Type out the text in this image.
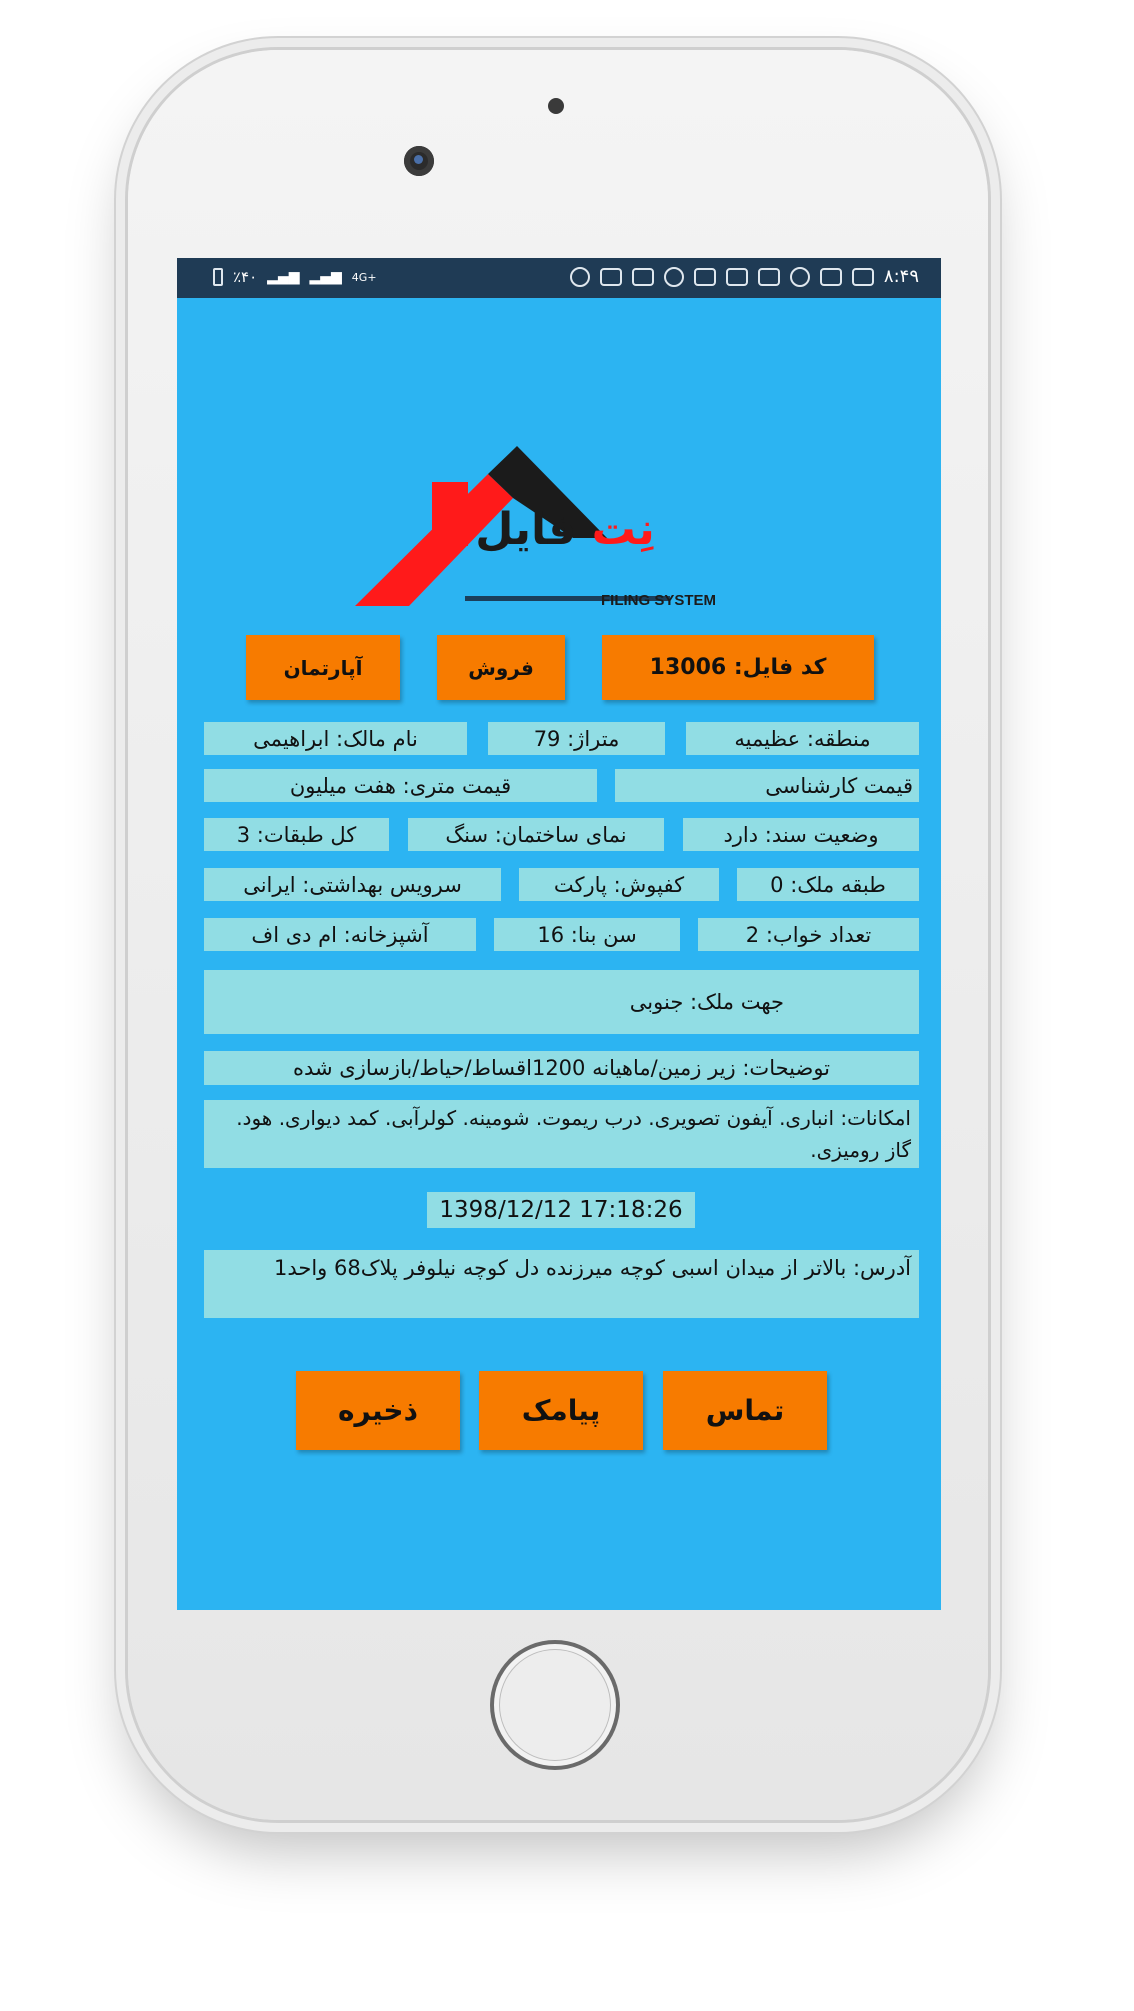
٪۴۰ ▂▄▆ ▂▄▆ 4G+	۸:۴۹
نِت فایل
FILING SYSTEM
کد فایل: 13006
فروش
آپارتمان
منطقه: عظیمیه
متراژ: 79
نام مالک: ابراهیمی
قیمت کارشناسی
قیمت متری: هفت میلیون
وضعیت سند: دارد
نمای ساختمان: سنگ
کل طبقات: 3
طبقه ملک: 0
کفپوش: پارکت
سرویس بهداشتی: ایرانی
تعداد خواب: 2
سن بنا: 16
آشپزخانه: ام دی اف
جهت ملک: جنوبی
توضیحات: زیر زمین/ماهیانه 1200اقساط/حیاط/بازسازی شده
امکانات: انباری. آیفون تصویری. درب ریموت. شومینه. کولرآبی. کمد دیواری. هود. گاز رومیزی.
1398/12/12 17:18:26
آدرس: بالاتر از میدان اسبی کوچه میرزنده دل کوچه نیلوفر پلاک68 واحد1
تماس
پیامک
ذخیره
